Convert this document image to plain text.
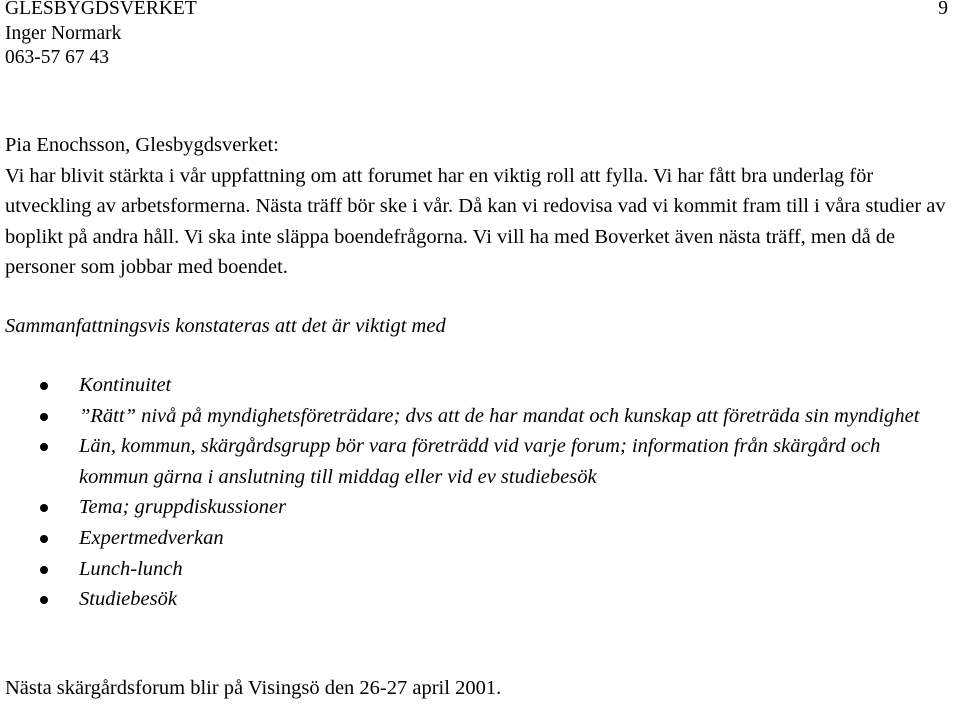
GLESBYGDSVERKET
Inger Normark
063-57 67 43
9

Pia Enochsson, Glesbygdsverket:

Vi har blivit stärkta i vår uppfattning om att forumet har en viktig roll att fylla. Vi har fått bra underlag för utveckling av arbetsformerna. Nästa träff bör ske i vår. Då kan vi redovisa vad vi kommit fram till i våra studier av boplikt på andra håll. Vi ska inte släppa boendefrågorna. Vi vill ha med Boverket även nästa träff, men då de personer som jobbar med boendet.

Sammanfattningsvis konstateras att det är viktigt med
Kontinuitet
”Rätt” nivå på myndighetsföreträdare; dvs att de har mandat och kunskap att företräda sin myndighet
Län, kommun, skärgårdsgrupp bör vara företrädd vid varje forum; information från skärgård och kommun gärna i anslutning till middag eller vid ev studiebesök
Tema; gruppdiskussioner
Expertmedverkan
Lunch-lunch
Studiebesök
Nästa skärgårdsforum blir på Visingsö den 26-27 april 2001.
